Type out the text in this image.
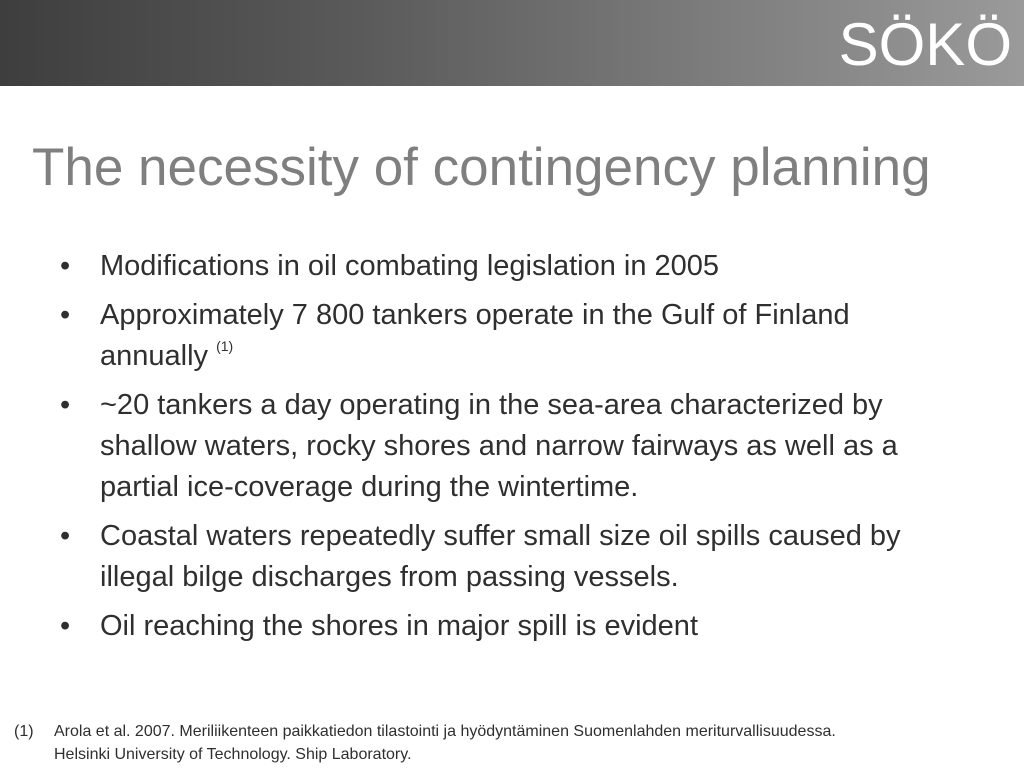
SÖKÖ
The necessity of contingency planning
• Modifications in oil combating legislation in 2005
• Approximately 7 800 tankers operate in the Gulf of Finland annually $^{(1)}$
• ~20 tankers a day operating in the sea-area characterized by shallow waters, rocky shores and narrow fairways as well as a partial ice-coverage during the wintertime.
• Coastal waters repeatedly suffer small size oil spills caused by illegal bilge discharges from passing vessels.
• Oil reaching the shores in major spill is evident
(1)	Arola et al. 2007. Meriliikenteen paikkatiedon tilastointi ja hyödyntäminen Suomenlahden meriturvallisuudessa.
Helsinki University of Technology. Ship Laboratory.
